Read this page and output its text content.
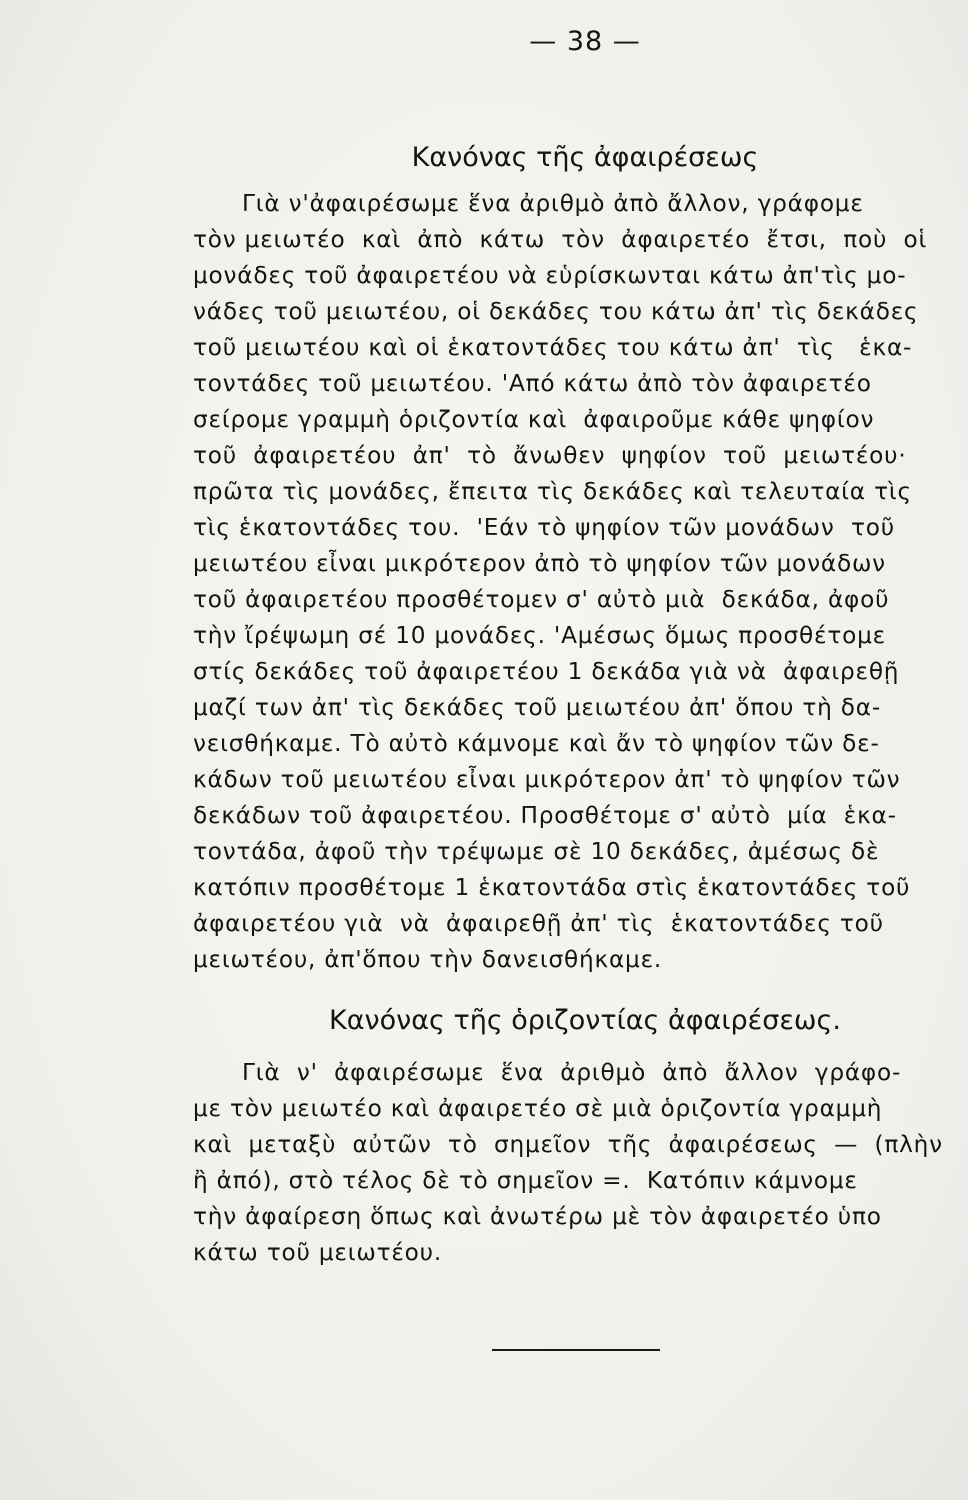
— 38 —
Κανόνας τῆς ἀφαιρέσεως
Γιὰ ν'ἀφαιρέσωμε ἕνα ἀριθμὸ ἀπὸ ἄλλον, γράφομε
τὸν μειωτέο  καὶ  ἀπὸ  κάτω  τὸν  ἀφαιρετέο  ἔτσι,  ποὺ  οἱ
μονάδες τοῦ ἀφαιρετέου νὰ εὑρίσκωνται κάτω ἀπ'τὶς μο-
νάδες τοῦ μειωτέου, οἱ δεκάδες του κάτω ἀπ' τὶς δεκάδες
τοῦ μειωτέου καὶ οἱ ἑκατοντάδες του κάτω ἀπ'  τὶς   ἑκα-
τοντάδες τοῦ μειωτέου. 'Από κάτω ἀπὸ τὸν ἀφαιρετέο
σείρομε γραμμὴ ὁριζοντία καὶ  ἀφαιροῦμε κάθε ψηφίον
τοῦ  ἀφαιρετέου  ἀπ'  τὸ  ἄνωθεν  ψηφίον  τοῦ  μειωτέου·
πρῶτα τὶς μονάδες, ἔπειτα τὶς δεκάδες καὶ τελευταία τὶς
τὶς ἑκατοντάδες του.  'Εάν τὸ ψηφίον τῶν μονάδων  τοῦ
μειωτέου εἶναι μικρότερον ἀπὸ τὸ ψηφίον τῶν μονάδων
τοῦ ἀφαιρετέου προσθέτομεν σ' αὐτὸ μιὰ  δεκάδα, ἀφοῦ
τὴν ἴρέψωμη σέ 10 μονάδες. 'Αμέσως ὅμως προσθέτομε
στίς δεκάδες τοῦ ἀφαιρετέου 1 δεκάδα γιὰ νὰ  ἀφαιρεθῇ
μαζί των ἀπ' τὶς δεκάδες τοῦ μειωτέου ἀπ' ὅπου τὴ δα-
νεισθήκαμε. Τὸ αὐτὸ κάμνομε καὶ ἄν τὸ ψηφίον τῶν δε-
κάδων τοῦ μειωτέου εἶναι μικρότερον ἀπ' τὸ ψηφίον τῶν
δεκάδων τοῦ ἀφαιρετέου. Προσθέτομε σ' αὐτὸ  μία  ἑκα-
τοντάδα, ἀφοῦ τὴν τρέψωμε σὲ 10 δεκάδες, ἀμέσως δὲ
κατόπιν προσθέτομε 1 ἑκατοντάδα στὶς ἑκατοντάδες τοῦ
ἀφαιρετέου γιὰ  νὰ  ἀφαιρεθῇ ἀπ' τὶς  ἑκατοντάδες τοῦ
μειωτέου, ἀπ'ὅπου τὴν δανεισθήκαμε.
Κανόνας τῆς ὁριζοντίας ἀφαιρέσεως.
Γιὰ  ν'  ἀφαιρέσωμε  ἕνα  ἀριθμὸ  ἀπὸ  ἄλλον  γράφο-
με τὸν μειωτέο καὶ ἀφαιρετέο σὲ μιὰ ὁριζοντία γραμμὴ
καὶ  μεταξὺ  αὐτῶν  τὸ  σημεῖον  τῆς  ἀφαιρέσεως  —  (πλὴν
ἢ ἀπό), στὸ τέλος δὲ τὸ σημεῖον =.  Κατόπιν κάμνομε
τὴν ἀφαίρεση ὅπως καὶ ἀνωτέρω μὲ τὸν ἀφαιρετέο ὑπο
κάτω τοῦ μειωτέου.
